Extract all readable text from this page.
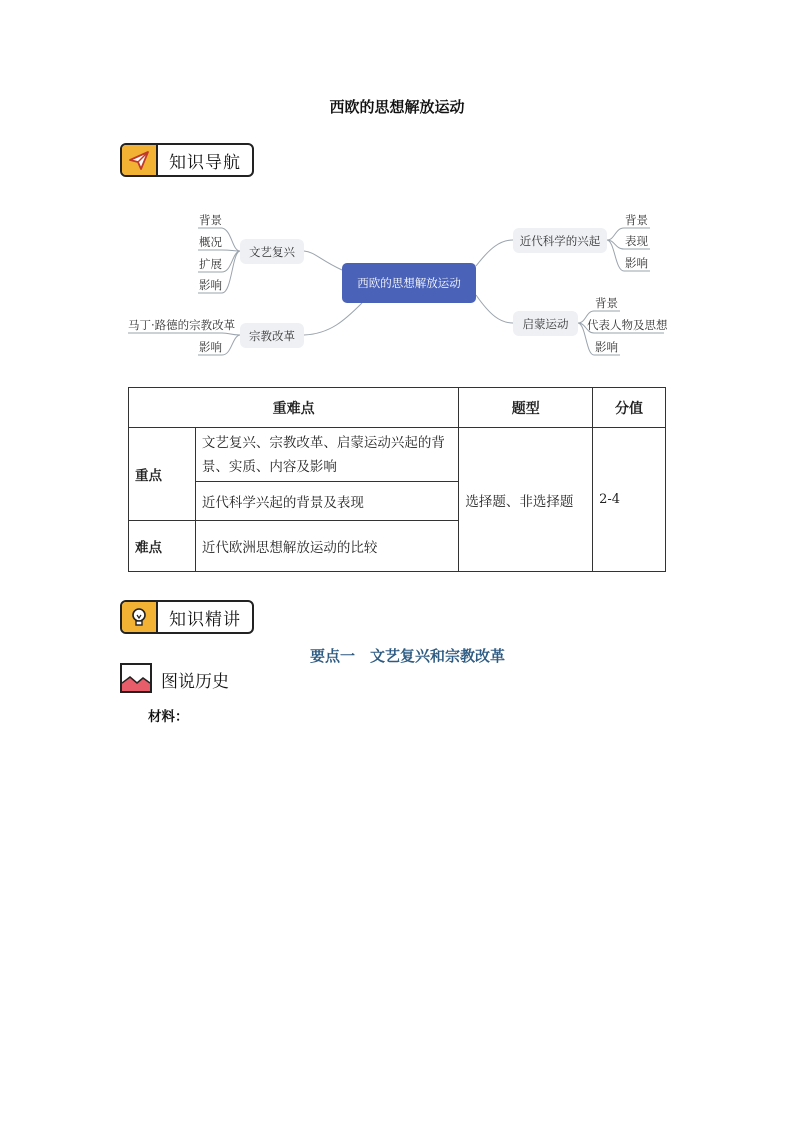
西欧的思想解放运动
知识导航
西欧的思想解放运动
文艺复兴
宗教改革
近代科学的兴起
启蒙运动
背景
概况
扩展
影响
马丁·路德的宗教改革
影响
背景
表现
影响
背景
代表人物及思想
影响
重难点		题型	分值
重点	文艺复兴、宗教改革、启蒙运动兴起的背景、实质、内容及影响	选择题、非选择题	2-4
	近代科学兴起的背景及表现		
难点	近代欧洲思想解放运动的比较		
知识精讲
要点一　文艺复兴和宗教改革
图说历史
材料：
